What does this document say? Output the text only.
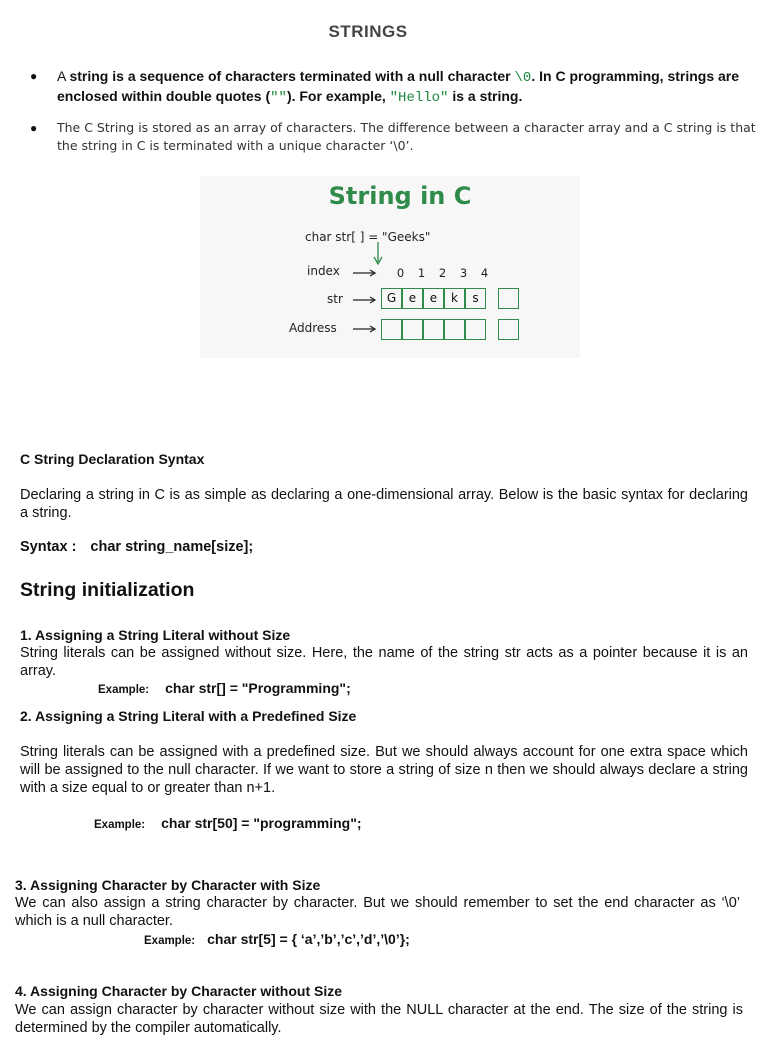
STRINGS
● A string is a sequence of characters terminated with a null character \0. In C programming, strings are enclosed within double quotes (""). For example, "Hello" is a string.
● The C String is stored as an array of characters. The difference between a character array and a C string is that the string in C is terminated with a unique character ‘\0’.
String in C
char str[ ] = "Geeks"
index	0 1 2 3 4
str	G	e	e	k	s
Address
C String Declaration Syntax
Declaring a string in C is as simple as declaring a one-dimensional array. Below is the basic syntax for declaring a string.
Syntax : char string_name[size];
String initialization
1. Assigning a String Literal without Size
String literals can be assigned without size. Here, the name of the string str acts as a pointer because it is an array.
Example: char str[] = "Programming";
2. Assigning a String Literal with a Predefined Size
String literals can be assigned with a predefined size. But we should always account for one extra space which will be assigned to the null character. If we want to store a string of size n then we should always declare a string with a size equal to or greater than n+1.
Example: char str[50] = "programming";
3. Assigning Character by Character with Size
We can also assign a string character by character. But we should remember to set the end character as ‘\0’ which is a null character.
Example: char str[5] = { ‘a’,’b’,’c’,’d’,’\0’};
4. Assigning Character by Character without Size
We can assign character by character without size with the NULL character at the end. The size of the string is determined by the compiler automatically.
